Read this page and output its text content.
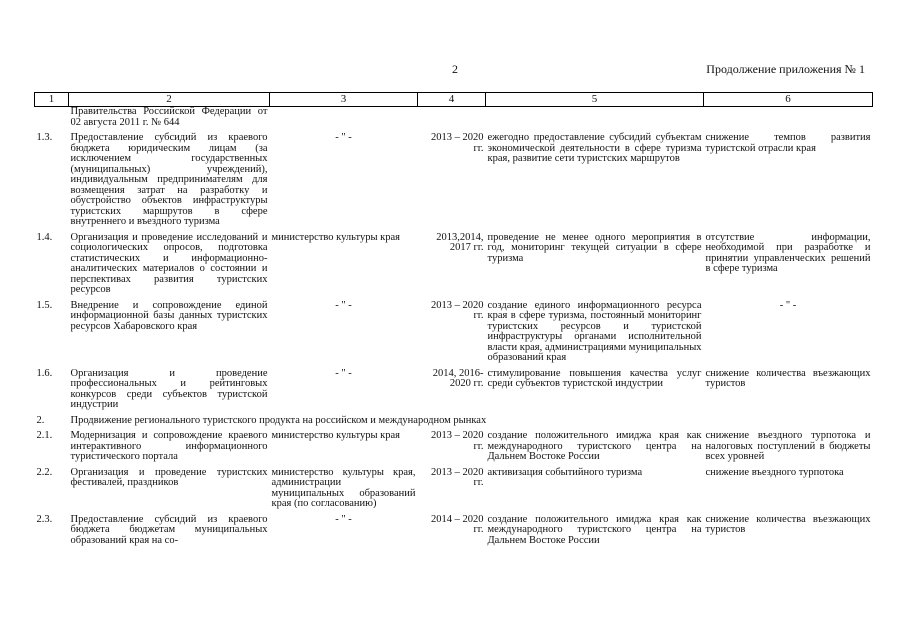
2	Продолжение приложения № 1
1	2	3	4	5	6
	Правительства Российской Федерации от 02 августа 2011 г. № 644				
1.3.	Предоставление субсидий из краевого бюджета юридическим лицам (за исключением государственных (муниципальных) учреждений), индивидуальным предпринимателям для возмещения затрат на разработку и обустройство объектов инфраструктуры туристских маршрутов в сфере внутреннего и въездного туризма	- " -	2013 – 2020 гг.	ежегодно предоставление субсидий субъектам экономической деятельности в сфере туризма края, развитие сети туристских маршрутов	снижение темпов развития туристской отрасли края
1.4.	Организация и проведение исследований и социологических опросов, подготовка статистических и информационно-аналитических материалов о состоянии и перспективах развития туристских ресурсов	министерство культуры края	2013,2014, 2017 гг.	проведение не менее одного мероприятия в год, мониторинг текущей ситуации в сфере туризма	отсутствие информации, необходимой при разработке и принятии управленческих решений в сфере туризма
1.5.	Внедрение и сопровождение единой информационной базы данных туристских ресурсов Хабаровского края	- " -	2013 – 2020 гг.	создание единого информационного ресурса края в сфере туризма, постоянный мониторинг туристских ресурсов и туристской инфраструктуры органами исполнительной власти края, администрациями муниципальных образований края	- " -
1.6.	Организация и проведение профессиональных и рейтинговых конкурсов среди субъектов туристской индустрии	- " -	2014, 2016-2020 гг.	стимулирование повышения качества услуг среди субъектов туристской индустрии	снижение количества въезжающих туристов
2.	Продвижение регионального туристского продукта на российском и международном рынках				
2.1.	Модернизация и сопровождение краевого интерактивного информационного туристического портала	министерство культуры края	2013 – 2020 гг.	создание положительного имиджа края как международного туристского центра на Дальнем Востоке России	снижение въездного турпотока и налоговых поступлений в бюджеты всех уровней
2.2.	Организация и проведение туристских фестивалей, праздников	министерство культуры края, администрации муниципальных образований края (по согласованию)	2013 – 2020 гг.	активизация событийного туризма	снижение въездного турпотока
2.3.	Предоставление субсидий из краевого бюджета бюджетам муниципальных образований края на со-	- " -	2014 – 2020 гг.	создание положительного имиджа края как международного туристского центра на Дальнем Востоке России	снижение количества въезжающих туристов
